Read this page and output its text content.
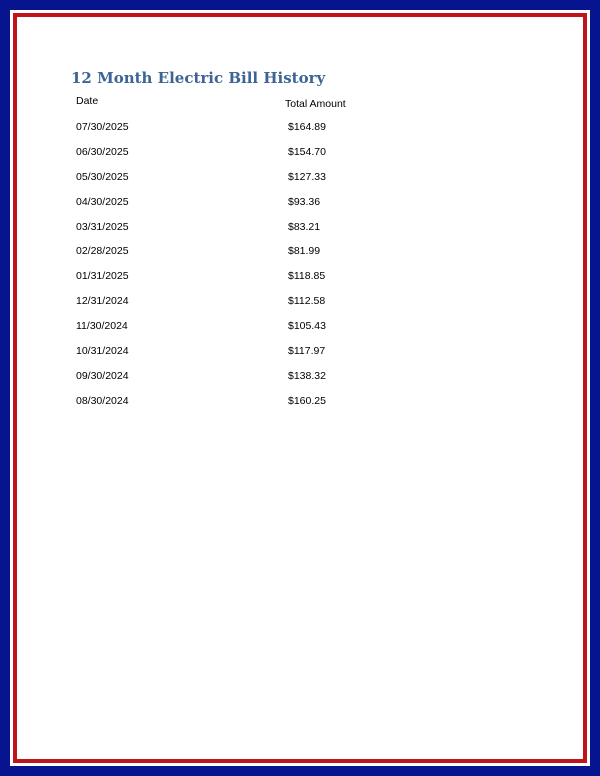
12 Month Electric Bill History
Date	Total Amount
07/30/2025	$164.89
06/30/2025	$154.70
05/30/2025	$127.33
04/30/2025	$93.36
03/31/2025	$83.21
02/28/2025	$81.99
01/31/2025	$118.85
12/31/2024	$112.58
11/30/2024	$105.43
10/31/2024	$117.97
09/30/2024	$138.32
08/30/2024	$160.25
